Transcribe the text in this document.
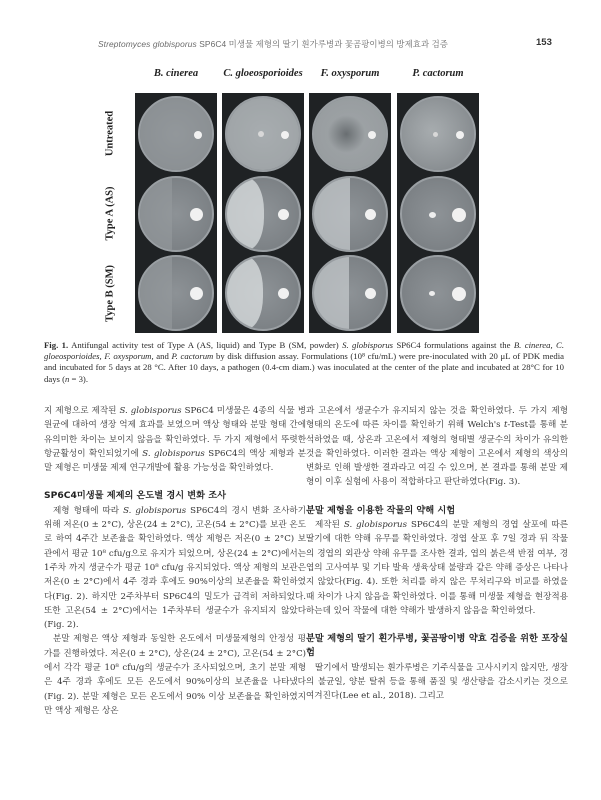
Streptomyces globisporus SP6C4 미생물 제형의 딸기 흰가루병과 꽃곰팡이병의 방제효과 검증	153
B. cinerea	C. gloeosporioides	F. oxysporum	P. cactorum
Untreated
Type A (AS)
Type B (SM)
Fig. 1. Antifungal activity test of Type A (AS, liquid) and Type B (SM, powder) S. globisporus SP6C4 formulations against the B. cinerea, C. gloeosporioides, F. oxysporum, and P. cactorum by disk diffusion assay. Formulations (10⁸ cfu/mL) were pre-inoculated with 20 μL of PDK media and incubated for 5 days at 28 °C. After 10 days, a pathogen (0.4-cm diam.) was inoculated at the center of the plate and incubated at 28°C for 10 days (n = 3).

지 제형으로 제작된 S. globisporus SP6C4 미생물은 4종의 식물 병원균에 대하여 생장 억제 효과를 보였으며 액상 형태와 분말 형태 간에 유의미한 차이는 보이지 않음을 확인하였다. 두 가지 제형에서 뚜렷한 항균활성이 확인되었기에 S. globisporus SP6C4의 액상 제형과 분말 제형은 미생물 제제 연구개발에 활용 가능성을 확인하였다.

SP6C4미생물 제제의 온도별 경시 변화 조사

제형 형태에 따라 S. globisporus SP6C4의 경시 변화 조사하기 위해 저온(0 ± 2°C), 상온(24 ± 2°C), 고온(54 ± 2°C)를 보관 온도로 하여 4주간 보존율을 확인하였다. 액상 제형은 저온(0 ± 2°C) 보관에서 평균 10⁸ cfu/g으로 유지가 되었으며, 상온(24 ± 2°C)에서는 1주차 까지 생균수가 평균 10⁸ cfu/g 유지되었다. 액상 제형의 보관은 저온(0 ± 2°C)에서 4주 경과 후에도 90%이상의 보존율을 확인하였다(Fig. 2). 하지만 2주차부터 SP6C4의 밀도가 급격히 저하되었다. 또한 고온(54 ± 2°C)에서는 1주차부터 생균수가 유지되지 않았다(Fig. 2).

분말 제형은 액상 제형과 동일한 온도에서 미생물제형의 안정성 평가를 진행하였다. 저온(0 ± 2°C), 상온(24 ± 2°C), 고온(54 ± 2°C)에서 각각 평균 10⁸ cfu/g의 생균수가 조사되었으며, 초기 분말 제형은 4주 경과 후에도 모든 온도에서 90%이상의 보존율을 나타냈다(Fig. 2). 분말 제형은 모든 온도에서 90% 이상 보존율을 확인하였지만 액상 제형은 상온

과 고온에서 생균수가 유지되지 않는 것을 확인하였다. 두 가지 제형 형태의 온도에 따른 차이를 확인하기 위해 Welch's t-Test를 통해 분석하였을 때, 상온과 고온에서 제형의 형태별 생균수의 차이가 유의한 것을 확인하였다. 이러한 결과는 액상 제형이 고온에서 제형의 색상의 변화로 인해 발생한 결과라고 여길 수 있으며, 본 결과를 통해 분말 제형이 이후 실험에 사용이 적합하다고 판단하였다(Fig. 3).

분말 제형을 이용한 작물의 약해 시험

제작된 S. globisporus SP6C4의 분말 제형의 경엽 살포에 따른 딸기에 대한 약해 유무를 확인하였다. 경엽 살포 후 7일 경과 뒤 작물의 경엽의 외관상 약해 유무를 조사한 결과, 엽의 붉은색 반점 여부, 경엽의 고사여부 및 기타 발육 생육상태 불량과 같은 약해 증상은 나타나지 않았다(Fig. 4). 또한 처리를 하지 않은 무처리구와 비교를 하였을 때 차이가 나지 않음을 확인하였다. 이를 통해 미생물 제형을 현장적용 하는데 있어 작물에 대한 약해가 발생하지 않음을 확인하였다.

분말 제형의 딸기 흰가루병, 꽃곰팡이병 약효 검증을 위한 포장실험

딸기에서 발생되는 흰가루병은 기주식물을 고사시키지 않지만, 생장의 불균일, 양분 탈취 등을 통해 품질 및 생산량을 감소시키는 것으로 여겨진다(Lee et al., 2018). 그리고
